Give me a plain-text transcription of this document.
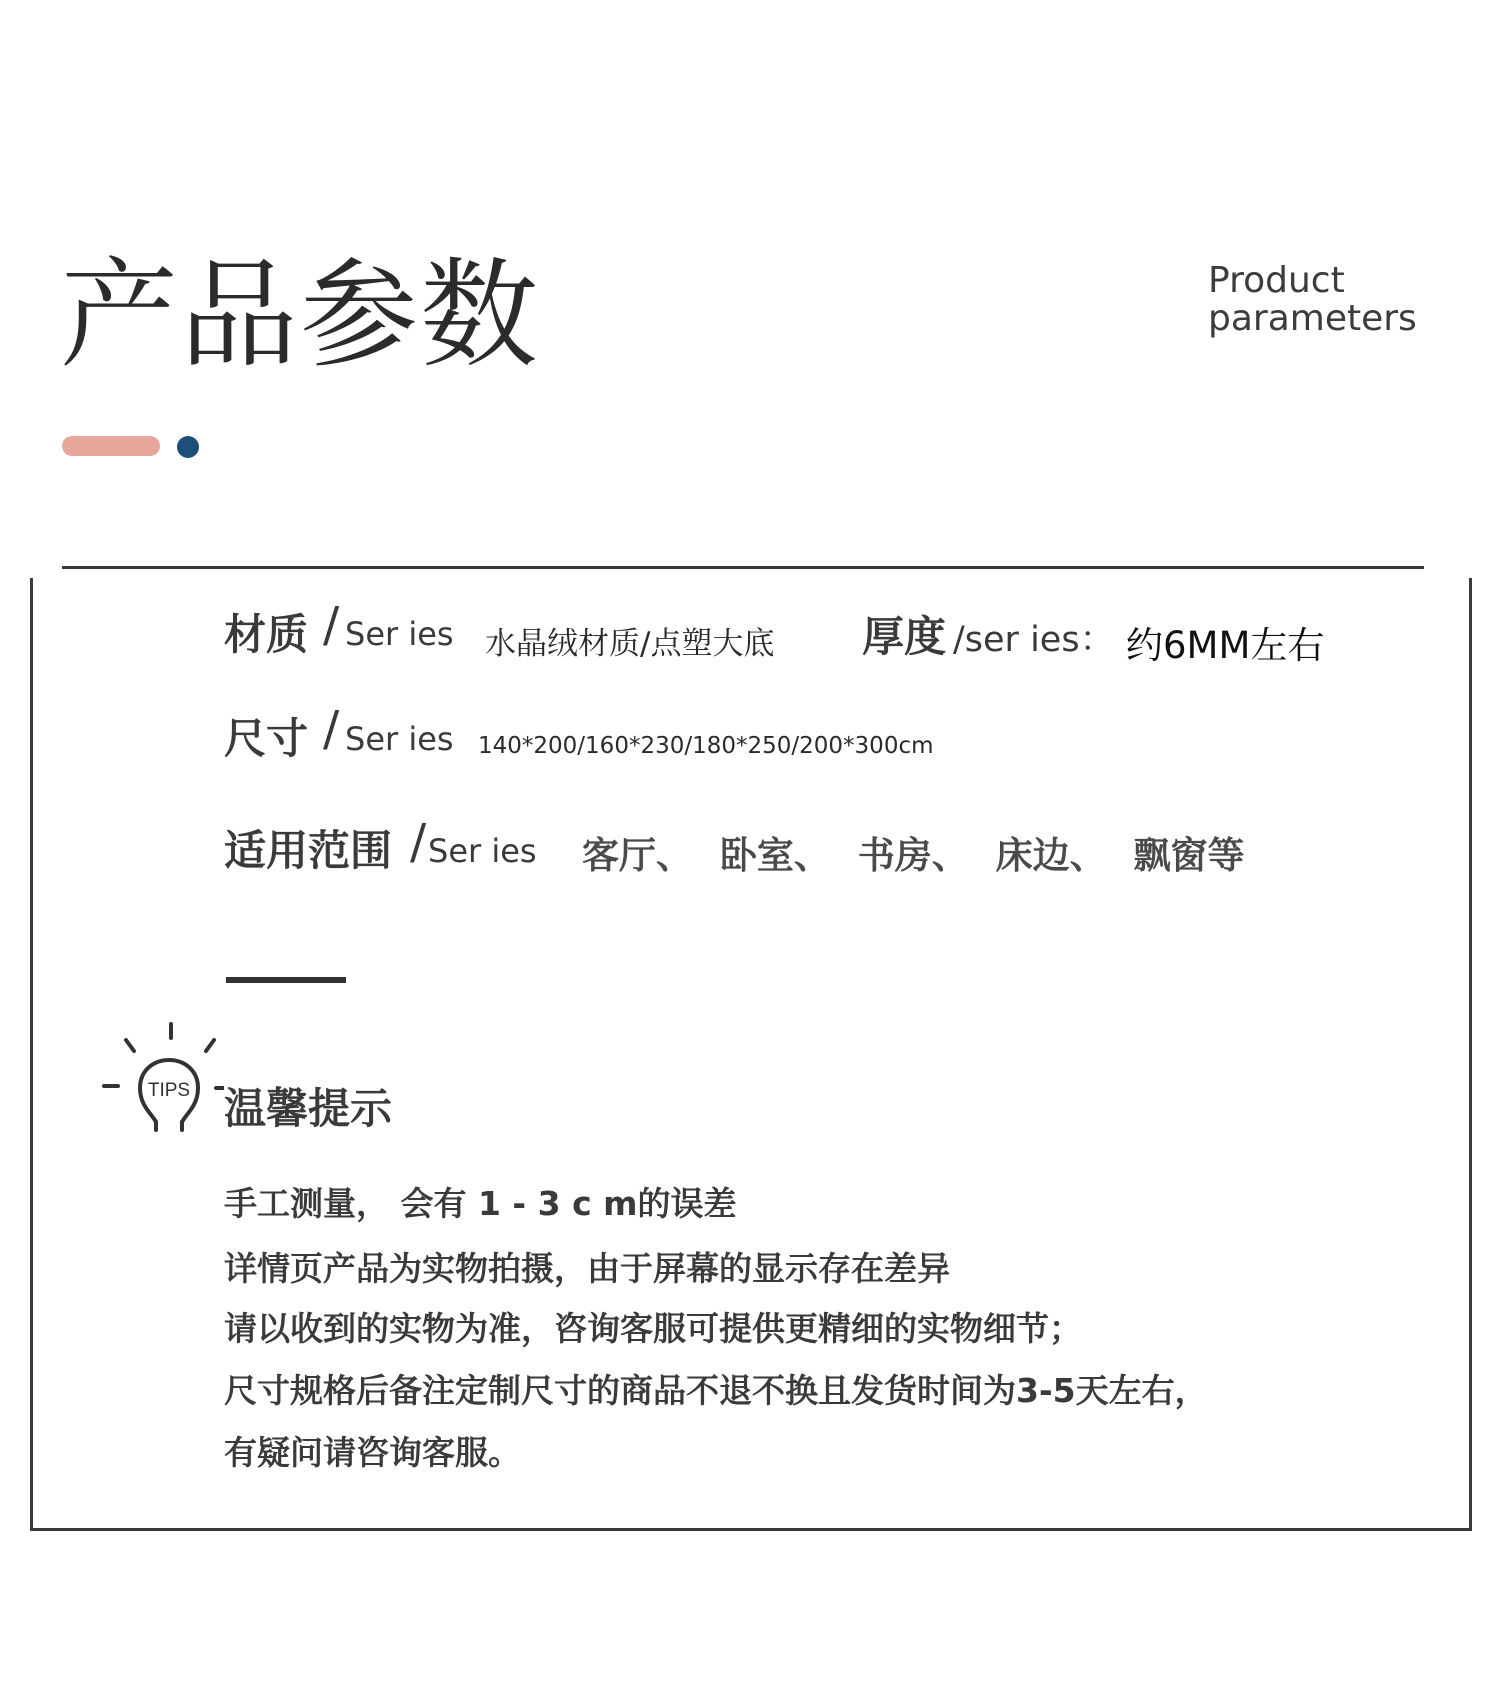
产品参数	Product
parameters
材质 / Ser ies 水晶绒材质/点塑大底 厚度 /ser ies： 约6MM左右
尺寸 / Ser ies 140*200/160*230/180*250/200*300cm
适用范围 / Ser ies 客厅、 卧室、 书房、 床边、 飘窗等
TIPS 温馨提示
手工测量， 会有 1 - 3 c m的误差
详情页产品为实物拍摄，由于屏幕的显示存在差异
请以收到的实物为准，咨询客服可提供更精细的实物细节；
尺寸规格后备注定制尺寸的商品不退不换且发货时间为3-5天左右，
有疑问请咨询客服。
